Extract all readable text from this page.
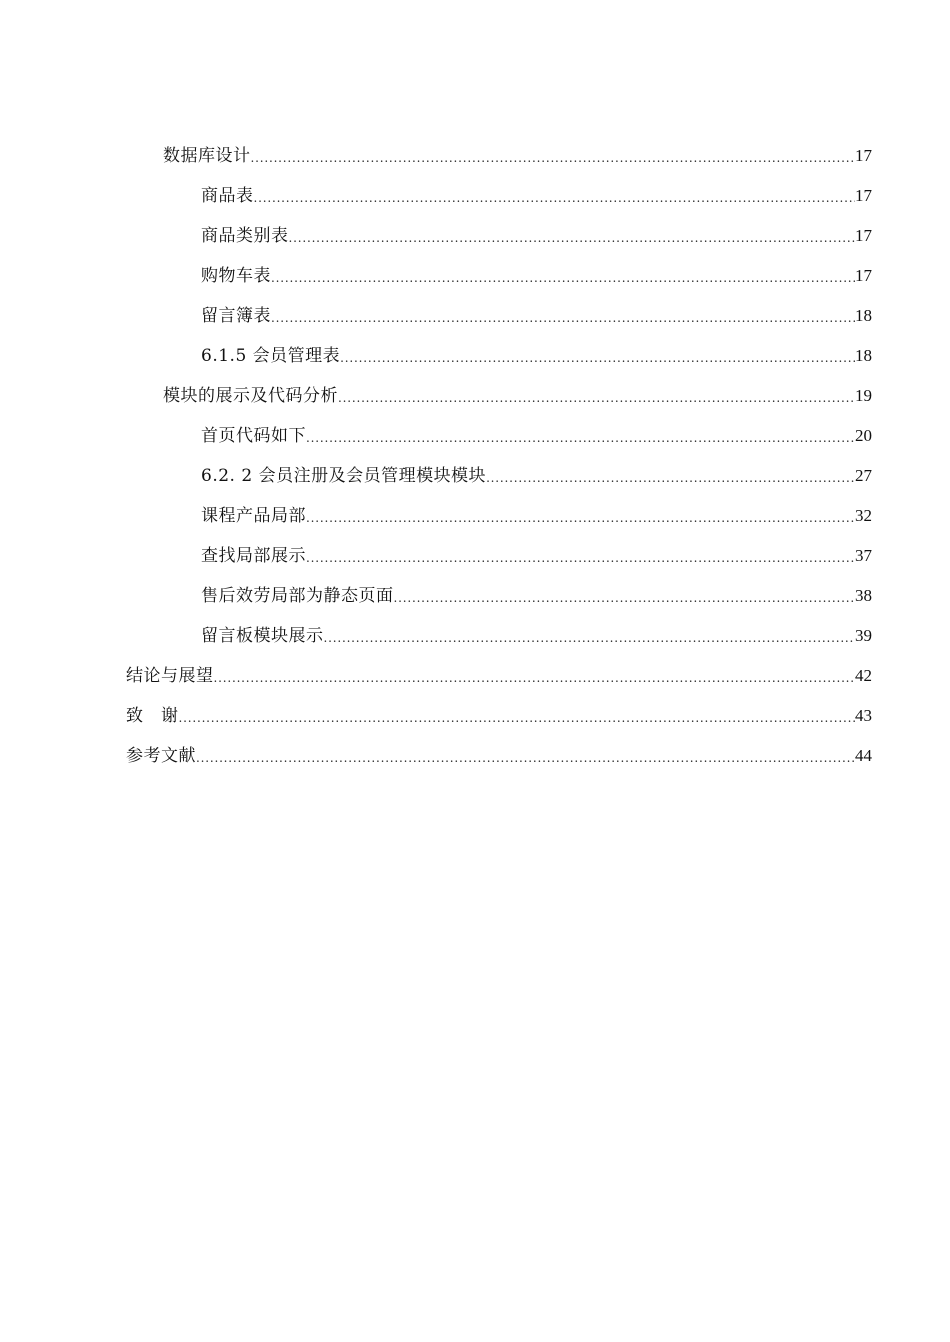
数据库设计 .....	17
商品表 .....	17
商品类别表 .....	17
购物车表 .....	17
留言簿表 .....	18
6.1.5 会员管理表 .....	18
模块的展示及代码分析 .....	19
首页代码如下 .....	20
6.2. 2 会员注册及会员管理模块模块 .....	27
课程产品局部 .....	32
查找局部展示 .....	37
售后效劳局部为静态页面 .....	38
留言板模块展示 .....	39
结论与展望 .....	42
致　谢 .....	43
参考文献 .....	44
